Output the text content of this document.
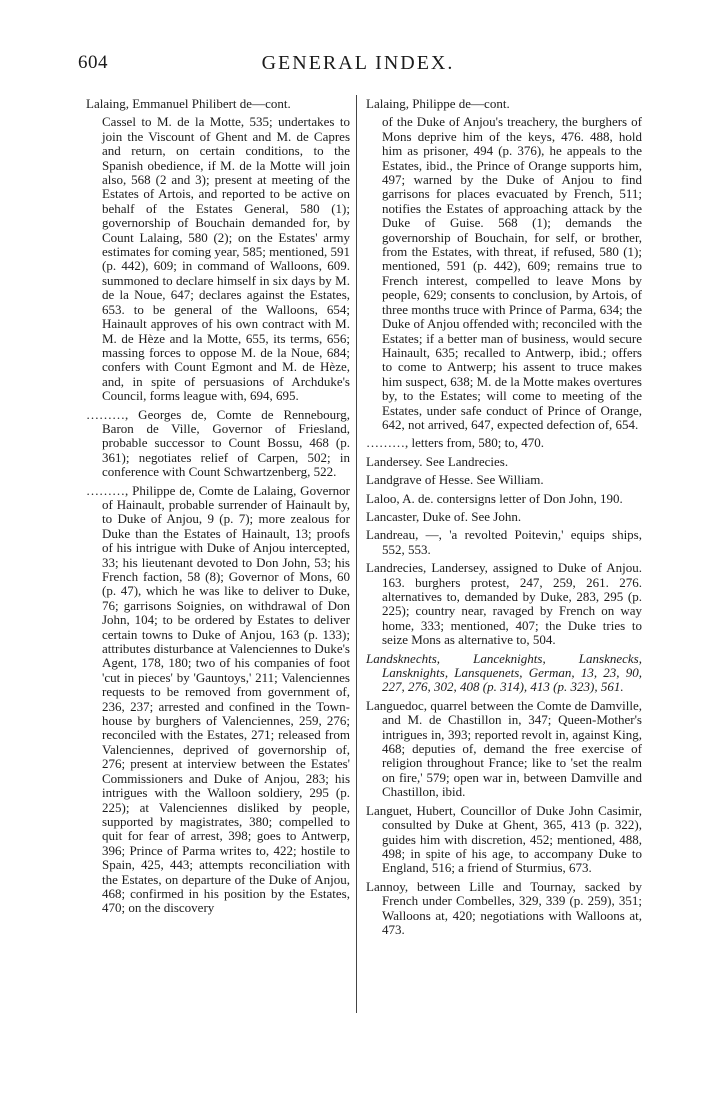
604	GENERAL INDEX.

Lalaing, Emmanuel Philibert de—cont.

Cassel to M. de la Motte, 535; undertakes to join the Viscount of Ghent and M. de Capres and return, on certain conditions, to the Spanish obedience, if M. de la Motte will join also, 568 (2 and 3); present at meeting of the Estates of Artois, and reported to be active on behalf of the Estates General, 580 (1); governorship of Bouchain demanded for, by Count Lalaing, 580 (2); on the Estates' army estimates for coming year, 585; mentioned, 591 (p. 442), 609; in command of Walloons, 609. summoned to declare himself in six days by M. de la Noue, 647; declares against the Estates, 653. to be general of the Walloons, 654; Hainault approves of his own contract with M. M. de Hèze and la Motte, 655, its terms, 656; massing forces to oppose M. de la Noue, 684; confers with Count Egmont and M. de Hèze, and, in spite of persuasions of Archduke's Council, forms league with, 694, 695.

………, Georges de, Comte de Rennebourg, Baron de Ville, Governor of Friesland, probable successor to Count Bossu, 468 (p. 361); negotiates relief of Carpen, 502; in conference with Count Schwartzenberg, 522.

………, Philippe de, Comte de Lalaing, Governor of Hainault, probable surrender of Hainault by, to Duke of Anjou, 9 (p. 7); more zealous for Duke than the Estates of Hainault, 13; proofs of his intrigue with Duke of Anjou intercepted, 33; his lieutenant devoted to Don John, 53; his French faction, 58 (8); Governor of Mons, 60 (p. 47), which he was like to deliver to Duke, 76; garrisons Soignies, on withdrawal of Don John, 104; to be ordered by Estates to deliver certain towns to Duke of Anjou, 163 (p. 133); attributes disturbance at Valenciennes to Duke's Agent, 178, 180; two of his companies of foot 'cut in pieces' by 'Gauntoys,' 211; Valenciennes requests to be removed from government of, 236, 237; arrested and confined in the Town-house by burghers of Valenciennes, 259, 276; reconciled with the Estates, 271; released from Valenciennes, deprived of governorship of, 276; present at interview between the Estates' Commissioners and Duke of Anjou, 283; his intrigues with the Walloon soldiery, 295 (p. 225); at Valenciennes disliked by people, supported by magistrates, 380; compelled to quit for fear of arrest, 398; goes to Antwerp, 396; Prince of Parma writes to, 422; hostile to Spain, 425, 443; attempts reconciliation with the Estates, on departure of the Duke of Anjou, 468; confirmed in his position by the Estates, 470; on the discovery

Lalaing, Philippe de—cont.

of the Duke of Anjou's treachery, the burghers of Mons deprive him of the keys, 476. 488, hold him as prisoner, 494 (p. 376), he appeals to the Estates, ibid., the Prince of Orange supports him, 497; warned by the Duke of Anjou to find garrisons for places evacuated by French, 511; notifies the Estates of approaching attack by the Duke of Guise. 568 (1); demands the governorship of Bouchain, for self, or brother, from the Estates, with threat, if refused, 580 (1); mentioned, 591 (p. 442), 609; remains true to French interest, compelled to leave Mons by people, 629; consents to conclusion, by Artois, of three months truce with Prince of Parma, 634; the Duke of Anjou offended with; reconciled with the Estates; if a better man of business, would secure Hainault, 635; recalled to Antwerp, ibid.; offers to come to Antwerp; his assent to truce makes him suspect, 638; M. de la Motte makes overtures by, to the Estates; will come to meeting of the Estates, under safe conduct of Prince of Orange, 642, not arrived, 647, expected defection of, 654.

………, letters from, 580; to, 470.

Landersey. See Landrecies.

Landgrave of Hesse. See William.

Laloo, A. de. contersigns letter of Don John, 190.

Lancaster, Duke of. See John.

Landreau, —, 'a revolted Poitevin,' equips ships, 552, 553.

Landrecies, Landersey, assigned to Duke of Anjou. 163. burghers protest, 247, 259, 261. 276. alternatives to, demanded by Duke, 283, 295 (p. 225); country near, ravaged by French on way home, 333; mentioned, 407; the Duke tries to seize Mons as alternative to, 504.

Landsknechts, Lanceknights, Lansknecks, Lansknights, Lansquenets, German, 13, 23, 90, 227, 276, 302, 408 (p. 314), 413 (p. 323), 561.

Languedoc, quarrel between the Comte de Damville, and M. de Chastillon in, 347; Queen-Mother's intrigues in, 393; reported revolt in, against King, 468; deputies of, demand the free exercise of religion throughout France; like to 'set the realm on fire,' 579; open war in, between Damville and Chastillon, ibid.

Languet, Hubert, Councillor of Duke John Casimir, consulted by Duke at Ghent, 365, 413 (p. 322), guides him with discretion, 452; mentioned, 488, 498; in spite of his age, to accompany Duke to England, 516; a friend of Sturmius, 673.

Lannoy, between Lille and Tournay, sacked by French under Combelles, 329, 339 (p. 259), 351; Walloons at, 420; negotiations with Walloons at, 473.
